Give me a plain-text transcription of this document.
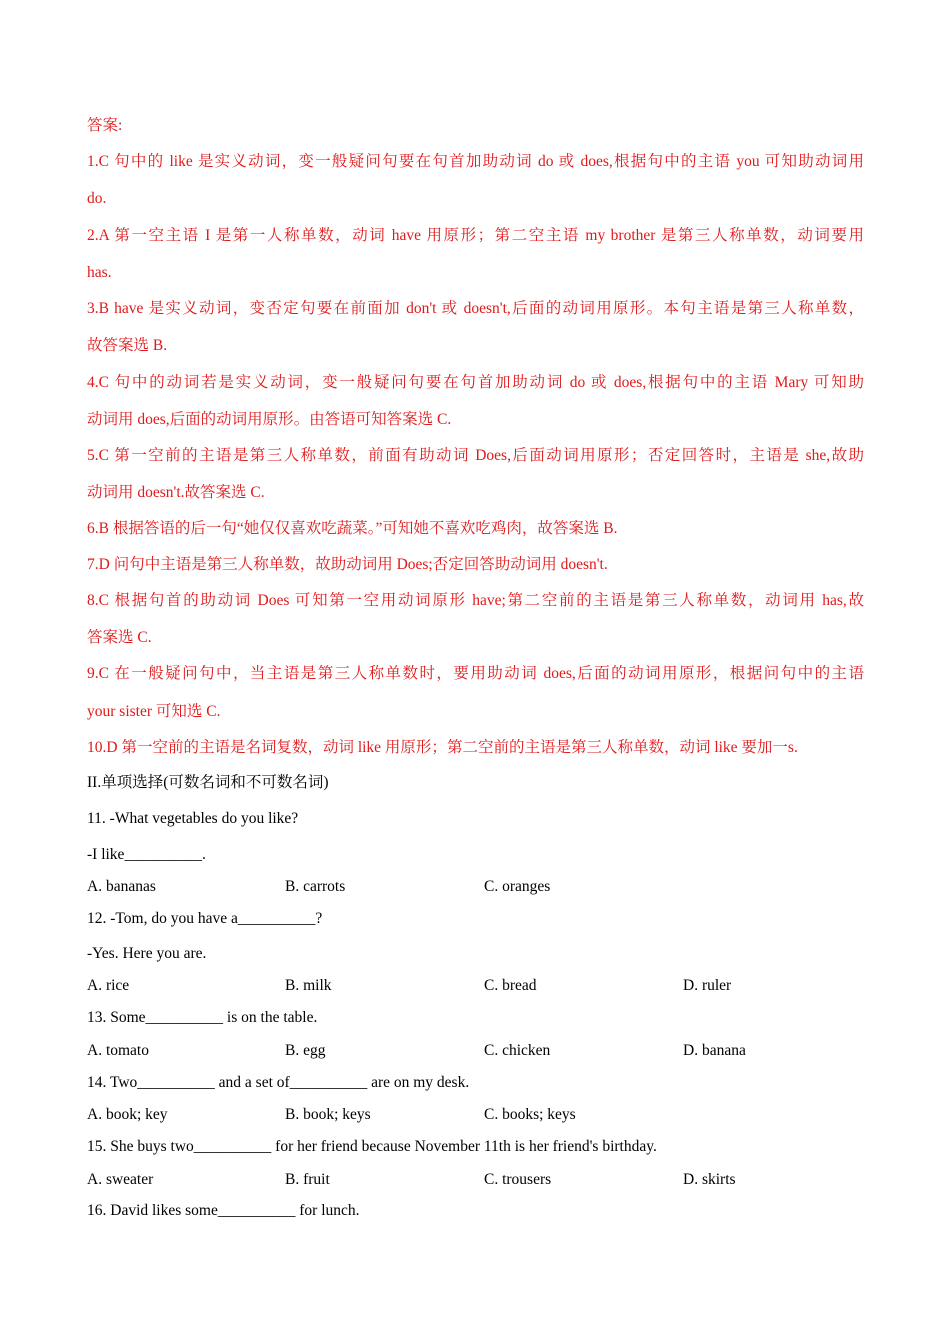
答案:
1.C 句中的 like 是实义动词，变一般疑问句要在句首加助动词 do 或 does,根据句中的主语 you 可知助动词用
do.
2.A 第一空主语 I 是第一人称单数，动词 have 用原形；第二空主语 my brother 是第三人称单数，动词要用
has.
3.B have 是实义动词，变否定句要在前面加 don't 或 doesn't,后面的动词用原形。本句主语是第三人称单数，
故答案选 B.
4.C 句中的动词若是实义动词，变一般疑问句要在句首加助动词 do 或 does,根据句中的主语 Mary 可知助
动词用 does,后面的动词用原形。由答语可知答案选 C.
5.C 第一空前的主语是第三人称单数，前面有助动词 Does,后面动词用原形；否定回答时，主语是 she,故助
动词用 doesn't.故答案选 C.
6.B 根据答语的后一句“她仅仅喜欢吃蔬菜。”可知她不喜欢吃鸡肉，故答案选 B.
7.D 问句中主语是第三人称单数，故助动词用 Does;否定回答助动词用 doesn't.
8.C 根据句首的助动词 Does 可知第一空用动词原形 have;第二空前的主语是第三人称单数，动词用 has,故
答案选 C.
9.C 在一般疑问句中，当主语是第三人称单数时，要用助动词 does,后面的动词用原形，根据问句中的主语
your sister 可知选 C.
10.D 第一空前的主语是名词复数，动词 like 用原形；第二空前的主语是第三人称单数，动词 like 要加一s.
II.单项选择(可数名词和不可数名词)
11. -What vegetables do you like?
-I like__________.
A. bananas	B. carrots	C. oranges
12. -Tom, do you have a__________?
-Yes. Here you are.
A. rice	B. milk	C. bread	D. ruler
13. Some__________ is on the table.
A. tomato	B. egg	C. chicken	D. banana
14. Two__________ and a set of__________ are on my desk.
A. book; key	B. book; keys	C. books; keys
15. She buys two__________ for her friend because November 11th is her friend's birthday.
A. sweater	B. fruit	C. trousers	D. skirts
16. David likes some__________ for lunch.
